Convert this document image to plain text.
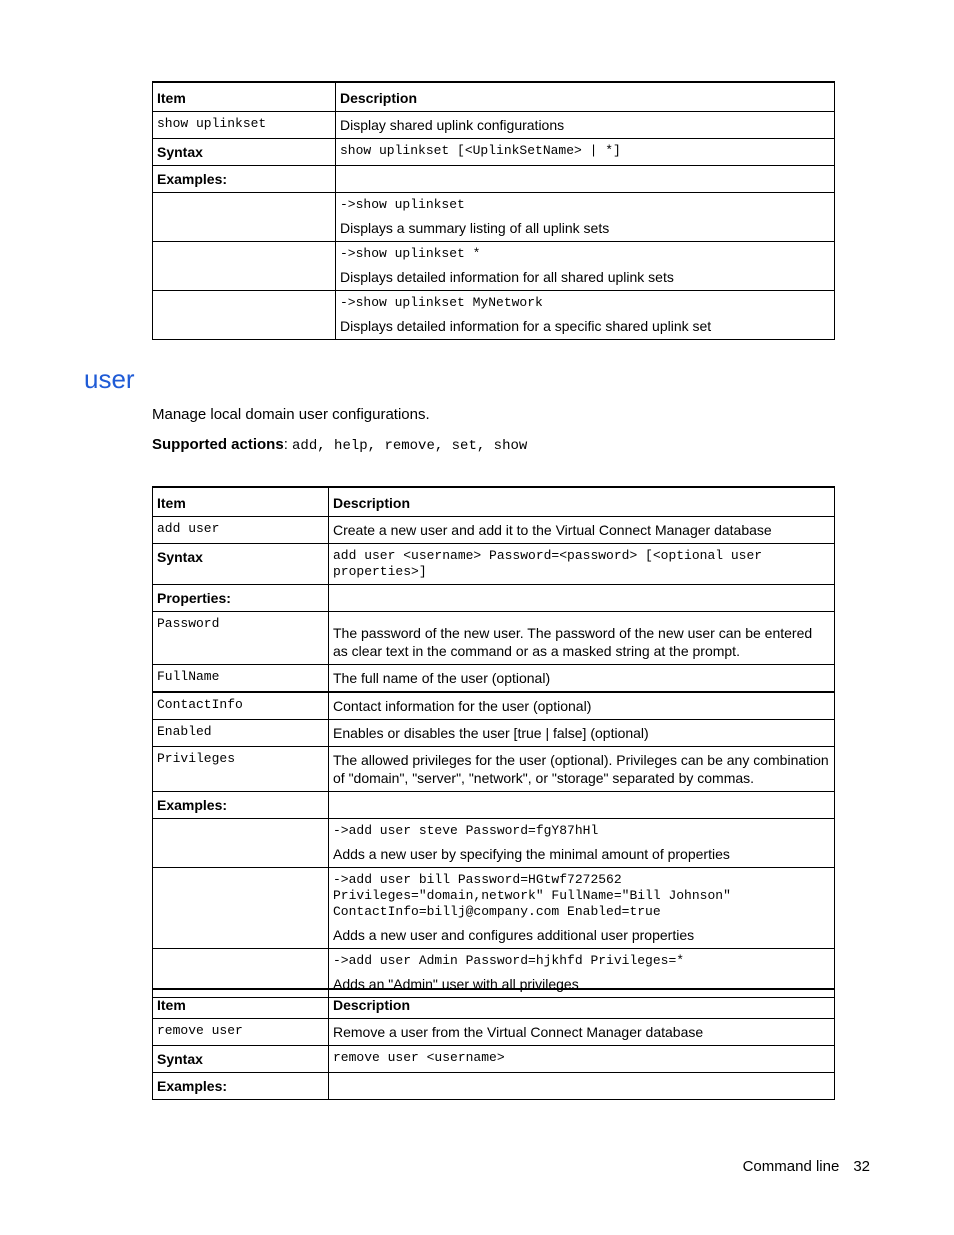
Item	Description
show uplinkset	Display shared uplink configurations
Syntax	show uplinkset [<UplinkSetName> | *]
Examples:	

	->show uplinkset
Displays a summary listing of all uplink sets

	->show uplinkset *
Displays detailed information for all shared uplink sets

	->show uplinkset MyNetwork
Displays detailed information for a specific shared uplink set
user
Manage local domain user configurations.
Supported actions: add, help, remove, set, show
Item	Description
add user	Create a new user and add it to the Virtual Connect Manager database
Syntax	add user <username> Password=<password> [<optional user properties>]
Properties:	
Password	The password of the new user. The password of the new user can be entered as clear text in the command or as a masked string at the prompt.
FullName	The full name of the user (optional)
ContactInfo	Contact information for the user (optional)
Enabled	Enables or disables the user [true | false] (optional)
Privileges	The allowed privileges for the user (optional). Privileges can be any combination of "domain", "server", "network", or "storage" separated by commas.
Examples:	

	->add user steve Password=fgY87hHl
Adds a new user by specifying the minimal amount of properties

	->add user bill Password=HGtwf7272562 Privileges="domain,network" FullName="Bill Johnson" ContactInfo=billj@company.com Enabled=true
Adds a new user and configures additional user properties

	->add user Admin Password=hjkhfd Privileges=*
Adds an "Admin" user with all privileges
Item	Description
remove user	Remove a user from the Virtual Connect Manager database
Syntax	remove user <username>
Examples:	
Command line 32
